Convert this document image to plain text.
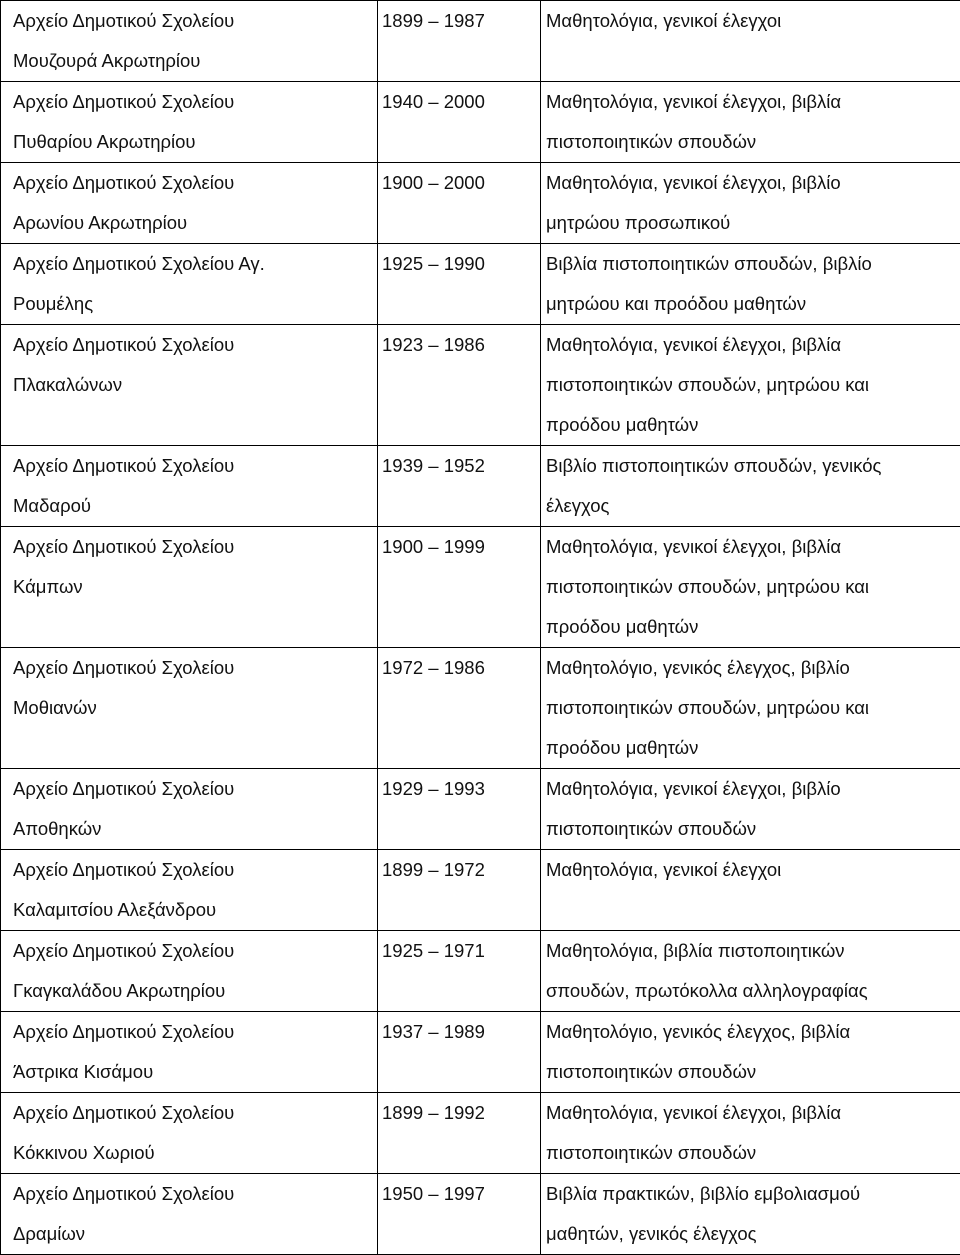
Αρχείο Δημοτικού Σχολείου
Μουζουρά Ακρωτηρίου	1899 – 1987	Μαθητολόγια, γενικοί έλεγχοι

Αρχείο Δημοτικού Σχολείου
Πυθαρίου Ακρωτηρίου	1940 – 2000	Μαθητολόγια, γενικοί έλεγχοι, βιβλία
πιστοποιητικών σπουδών

Αρχείο Δημοτικού Σχολείου
Αρωνίου Ακρωτηρίου	1900 – 2000	Μαθητολόγια, γενικοί έλεγχοι, βιβλίο
μητρώου προσωπικού

Αρχείο Δημοτικού Σχολείου Αγ.
Ρουμέλης	1925 – 1990	Βιβλία πιστοποιητικών σπουδών, βιβλίο
μητρώου και προόδου μαθητών

Αρχείο Δημοτικού Σχολείου
Πλακαλώνων	1923 – 1986	Μαθητολόγια, γενικοί έλεγχοι, βιβλία
πιστοποιητικών σπουδών, μητρώου και
προόδου μαθητών

Αρχείο Δημοτικού Σχολείου
Μαδαρού	1939 – 1952	Βιβλίο πιστοποιητικών σπουδών, γενικός
έλεγχος

Αρχείο Δημοτικού Σχολείου
Κάμπων	1900 – 1999	Μαθητολόγια, γενικοί έλεγχοι, βιβλία
πιστοποιητικών σπουδών, μητρώου και
προόδου μαθητών

Αρχείο Δημοτικού Σχολείου
Μοθιανών	1972 – 1986	Μαθητολόγιο, γενικός έλεγχος, βιβλίο
πιστοποιητικών σπουδών, μητρώου και
προόδου μαθητών

Αρχείο Δημοτικού Σχολείου
Αποθηκών	1929 – 1993	Μαθητολόγια, γενικοί έλεγχοι, βιβλίο
πιστοποιητικών σπουδών

Αρχείο Δημοτικού Σχολείου
Καλαμιτσίου Αλεξάνδρου	1899 – 1972	Μαθητολόγια, γενικοί έλεγχοι

Αρχείο Δημοτικού Σχολείου
Γκαγκαλάδου Ακρωτηρίου	1925 – 1971	Μαθητολόγια, βιβλία πιστοποιητικών
σπουδών, πρωτόκολλα αλληλογραφίας

Αρχείο Δημοτικού Σχολείου
Άστρικα Κισάμου	1937 – 1989	Μαθητολόγιο, γενικός έλεγχος, βιβλία
πιστοποιητικών σπουδών

Αρχείο Δημοτικού Σχολείου
Κόκκινου Χωριού	1899 – 1992	Μαθητολόγια, γενικοί έλεγχοι, βιβλία
πιστοποιητικών σπουδών

Αρχείο Δημοτικού Σχολείου
Δραμίων	1950 – 1997	Βιβλία πρακτικών, βιβλίο εμβολιασμού
μαθητών, γενικός έλεγχος
